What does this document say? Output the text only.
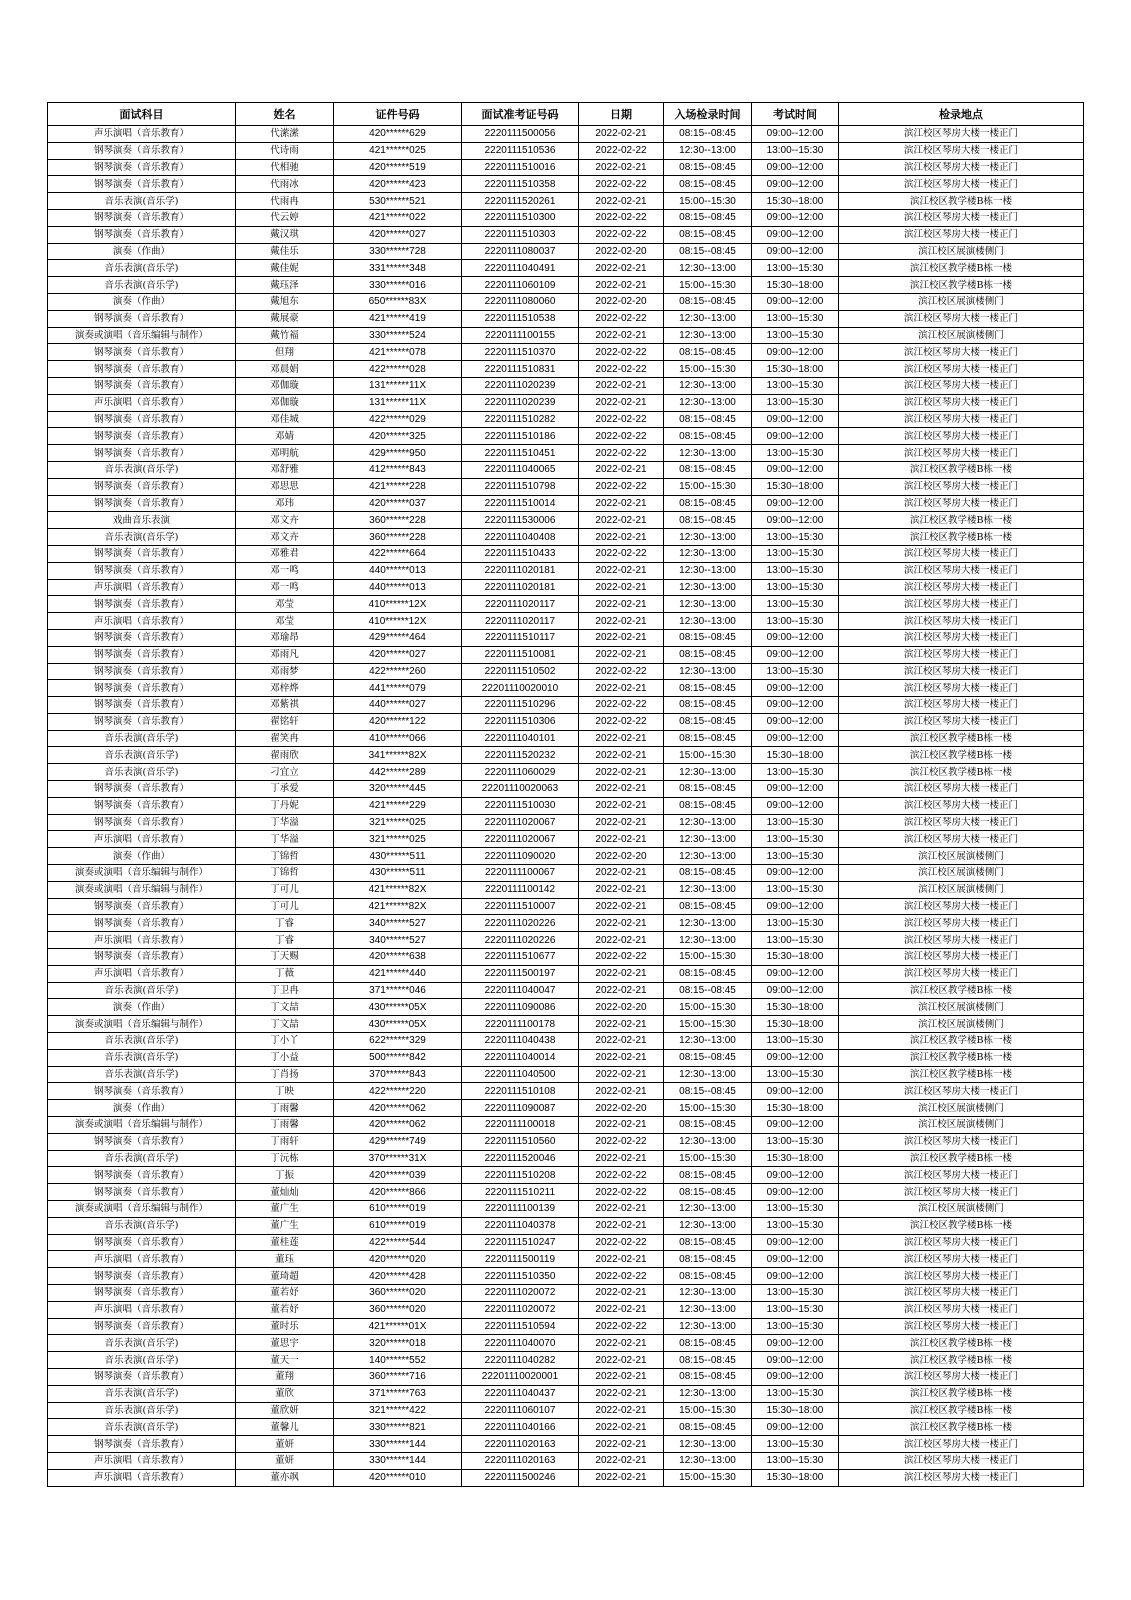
面试科目	姓名	证件号码	面试准考证号码	日期	入场检录时间	考试时间	检录地点
声乐演唱（音乐教育）	代潆潆	420******629	2220111500056	2022-02-21	08:15--08:45	09:00--12:00	滨江校区琴房大楼一楼正门
钢琴演奏（音乐教育）	代诗雨	421******025	2220111510536	2022-02-22	12:30--13:00	13:00--15:30	滨江校区琴房大楼一楼正门
钢琴演奏（音乐教育）	代相驰	420******519	2220111510016	2022-02-21	08:15--08:45	09:00--12:00	滨江校区琴房大楼一楼正门
钢琴演奏（音乐教育）	代雨冰	420******423	2220111510358	2022-02-22	08:15--08:45	09:00--12:00	滨江校区琴房大楼一楼正门
音乐表演(音乐学)	代雨冉	530******521	2220111520261	2022-02-21	15:00--15:30	15:30--18:00	滨江校区教学楼B栋一楼
钢琴演奏（音乐教育）	代云婷	421******022	2220111510300	2022-02-22	08:15--08:45	09:00--12:00	滨江校区琴房大楼一楼正门
钢琴演奏（音乐教育）	戴汉琪	420******027	2220111510303	2022-02-22	08:15--08:45	09:00--12:00	滨江校区琴房大楼一楼正门
演奏（作曲）	戴佳乐	330******728	2220111080037	2022-02-20	08:15--08:45	09:00--12:00	滨江校区展演楼侧门
音乐表演(音乐学)	戴佳妮	331******348	2220111040491	2022-02-21	12:30--13:00	13:00--15:30	滨江校区教学楼B栋一楼
音乐表演(音乐学)	戴珏泽	330******016	2220111060109	2022-02-21	15:00--15:30	15:30--18:00	滨江校区教学楼B栋一楼
演奏（作曲）	戴旭东	650******83X	2220111080060	2022-02-20	08:15--08:45	09:00--12:00	滨江校区展演楼侧门
钢琴演奏（音乐教育）	戴展豪	421******419	2220111510538	2022-02-22	12:30--13:00	13:00--15:30	滨江校区琴房大楼一楼正门
演奏或演唱（音乐编辑与制作）	戴竹福	330******524	2220111100155	2022-02-21	12:30--13:00	13:00--15:30	滨江校区展演楼侧门
钢琴演奏（音乐教育）	但翔	421******078	2220111510370	2022-02-22	08:15--08:45	09:00--12:00	滨江校区琴房大楼一楼正门
钢琴演奏（音乐教育）	邓晨娟	422******028	2220111510831	2022-02-22	15:00--15:30	15:30--18:00	滨江校区琴房大楼一楼正门
钢琴演奏（音乐教育）	邓伽璇	131******11X	2220111020239	2022-02-21	12:30--13:00	13:00--15:30	滨江校区琴房大楼一楼正门
声乐演唱（音乐教育）	邓伽璇	131******11X	2220111020239	2022-02-21	12:30--13:00	13:00--15:30	滨江校区琴房大楼一楼正门
钢琴演奏（音乐教育）	邓佳城	422******029	2220111510282	2022-02-22	08:15--08:45	09:00--12:00	滨江校区琴房大楼一楼正门
钢琴演奏（音乐教育）	邓婧	420******325	2220111510186	2022-02-22	08:15--08:45	09:00--12:00	滨江校区琴房大楼一楼正门
钢琴演奏（音乐教育）	邓明航	429******950	2220111510451	2022-02-22	12:30--13:00	13:00--15:30	滨江校区琴房大楼一楼正门
音乐表演(音乐学)	邓舒雅	412******843	2220111040065	2022-02-21	08:15--08:45	09:00--12:00	滨江校区教学楼B栋一楼
钢琴演奏（音乐教育）	邓思思	421******228	2220111510798	2022-02-22	15:00--15:30	15:30--18:00	滨江校区琴房大楼一楼正门
钢琴演奏（音乐教育）	邓玮	420******037	2220111510014	2022-02-21	08:15--08:45	09:00--12:00	滨江校区琴房大楼一楼正门
戏曲音乐表演	邓文卉	360******228	2220111530006	2022-02-21	08:15--08:45	09:00--12:00	滨江校区教学楼B栋一楼
音乐表演(音乐学)	邓文卉	360******228	2220111040408	2022-02-21	12:30--13:00	13:00--15:30	滨江校区教学楼B栋一楼
钢琴演奏（音乐教育）	邓雅君	422******664	2220111510433	2022-02-22	12:30--13:00	13:00--15:30	滨江校区琴房大楼一楼正门
钢琴演奏（音乐教育）	邓一鸣	440******013	2220111020181	2022-02-21	12:30--13:00	13:00--15:30	滨江校区琴房大楼一楼正门
声乐演唱（音乐教育）	邓一鸣	440******013	2220111020181	2022-02-21	12:30--13:00	13:00--15:30	滨江校区琴房大楼一楼正门
钢琴演奏（音乐教育）	邓莹	410******12X	2220111020117	2022-02-21	12:30--13:00	13:00--15:30	滨江校区琴房大楼一楼正门
声乐演唱（音乐教育）	邓莹	410******12X	2220111020117	2022-02-21	12:30--13:00	13:00--15:30	滨江校区琴房大楼一楼正门
钢琴演奏（音乐教育）	邓瑜昂	429******464	2220111510117	2022-02-21	08:15--08:45	09:00--12:00	滨江校区琴房大楼一楼正门
钢琴演奏（音乐教育）	邓雨凡	420******027	2220111510081	2022-02-21	08:15--08:45	09:00--12:00	滨江校区琴房大楼一楼正门
钢琴演奏（音乐教育）	邓雨梦	422******260	2220111510502	2022-02-22	12:30--13:00	13:00--15:30	滨江校区琴房大楼一楼正门
钢琴演奏（音乐教育）	邓梓烨	441******079	22201110020010	2022-02-21	08:15--08:45	09:00--12:00	滨江校区琴房大楼一楼正门
钢琴演奏（音乐教育）	邓紫祺	440******027	2220111510296	2022-02-22	08:15--08:45	09:00--12:00	滨江校区琴房大楼一楼正门
钢琴演奏（音乐教育）	翟铭轩	420******122	2220111510306	2022-02-22	08:15--08:45	09:00--12:00	滨江校区琴房大楼一楼正门
音乐表演(音乐学)	翟笑冉	410******066	2220111040101	2022-02-21	08:15--08:45	09:00--12:00	滨江校区教学楼B栋一楼
音乐表演(音乐学)	翟雨欣	341******82X	2220111520232	2022-02-21	15:00--15:30	15:30--18:00	滨江校区教学楼B栋一楼
音乐表演(音乐学)	刁宜立	442******289	2220111060029	2022-02-21	12:30--13:00	13:00--15:30	滨江校区教学楼B栋一楼
钢琴演奏（音乐教育）	丁承爱	320******445	22201110020063	2022-02-21	08:15--08:45	09:00--12:00	滨江校区琴房大楼一楼正门
钢琴演奏（音乐教育）	丁丹妮	421******229	2220111510030	2022-02-21	08:15--08:45	09:00--12:00	滨江校区琴房大楼一楼正门
钢琴演奏（音乐教育）	丁华溢	321******025	2220111020067	2022-02-21	12:30--13:00	13:00--15:30	滨江校区琴房大楼一楼正门
声乐演唱（音乐教育）	丁华溢	321******025	2220111020067	2022-02-21	12:30--13:00	13:00--15:30	滨江校区琴房大楼一楼正门
演奏（作曲）	丁锦哲	430******511	2220111090020	2022-02-20	12:30--13:00	13:00--15:30	滨江校区展演楼侧门
演奏或演唱（音乐编辑与制作）	丁锦哲	430******511	2220111100067	2022-02-21	08:15--08:45	09:00--12:00	滨江校区展演楼侧门
演奏或演唱（音乐编辑与制作）	丁可儿	421******82X	2220111100142	2022-02-21	12:30--13:00	13:00--15:30	滨江校区展演楼侧门
钢琴演奏（音乐教育）	丁可儿	421******82X	2220111510007	2022-02-21	08:15--08:45	09:00--12:00	滨江校区琴房大楼一楼正门
钢琴演奏（音乐教育）	丁睿	340******527	2220111020226	2022-02-21	12:30--13:00	13:00--15:30	滨江校区琴房大楼一楼正门
声乐演唱（音乐教育）	丁睿	340******527	2220111020226	2022-02-21	12:30--13:00	13:00--15:30	滨江校区琴房大楼一楼正门
钢琴演奏（音乐教育）	丁天赐	420******638	2220111510677	2022-02-22	15:00--15:30	15:30--18:00	滨江校区琴房大楼一楼正门
声乐演唱（音乐教育）	丁薇	421******440	2220111500197	2022-02-21	08:15--08:45	09:00--12:00	滨江校区琴房大楼一楼正门
音乐表演(音乐学)	丁卫冉	371******046	2220111040047	2022-02-21	08:15--08:45	09:00--12:00	滨江校区教学楼B栋一楼
演奏（作曲）	丁文喆	430******05X	2220111090086	2022-02-20	15:00--15:30	15:30--18:00	滨江校区展演楼侧门
演奏或演唱（音乐编辑与制作）	丁文喆	430******05X	2220111100178	2022-02-21	15:00--15:30	15:30--18:00	滨江校区展演楼侧门
音乐表演(音乐学)	丁小丫	622******329	2220111040438	2022-02-21	12:30--13:00	13:00--15:30	滨江校区教学楼B栋一楼
音乐表演(音乐学)	丁小益	500******842	2220111040014	2022-02-21	08:15--08:45	09:00--12:00	滨江校区教学楼B栋一楼
音乐表演(音乐学)	丁肖扬	370******843	2220111040500	2022-02-21	12:30--13:00	13:00--15:30	滨江校区教学楼B栋一楼
钢琴演奏（音乐教育）	丁映	422******220	2220111510108	2022-02-21	08:15--08:45	09:00--12:00	滨江校区琴房大楼一楼正门
演奏（作曲）	丁雨馨	420******062	2220111090087	2022-02-20	15:00--15:30	15:30--18:00	滨江校区展演楼侧门
演奏或演唱（音乐编辑与制作）	丁雨馨	420******062	2220111100018	2022-02-21	08:15--08:45	09:00--12:00	滨江校区展演楼侧门
钢琴演奏（音乐教育）	丁雨轩	429******749	2220111510560	2022-02-22	12:30--13:00	13:00--15:30	滨江校区琴房大楼一楼正门
音乐表演(音乐学)	丁沅栋	370******31X	2220111520046	2022-02-21	15:00--15:30	15:30--18:00	滨江校区教学楼B栋一楼
钢琴演奏（音乐教育）	丁振	420******039	2220111510208	2022-02-22	08:15--08:45	09:00--12:00	滨江校区琴房大楼一楼正门
钢琴演奏（音乐教育）	董灿灿	420******866	2220111510211	2022-02-22	08:15--08:45	09:00--12:00	滨江校区琴房大楼一楼正门
演奏或演唱（音乐编辑与制作）	董广生	610******019	2220111100139	2022-02-21	12:30--13:00	13:00--15:30	滨江校区展演楼侧门
音乐表演(音乐学)	董广生	610******019	2220111040378	2022-02-21	12:30--13:00	13:00--15:30	滨江校区教学楼B栋一楼
钢琴演奏（音乐教育）	董桂莲	422******544	2220111510247	2022-02-22	08:15--08:45	09:00--12:00	滨江校区琴房大楼一楼正门
声乐演唱（音乐教育）	董珏	420******020	2220111500119	2022-02-21	08:15--08:45	09:00--12:00	滨江校区琴房大楼一楼正门
钢琴演奏（音乐教育）	董琦超	420******428	2220111510350	2022-02-22	08:15--08:45	09:00--12:00	滨江校区琴房大楼一楼正门
钢琴演奏（音乐教育）	董若妤	360******020	2220111020072	2022-02-21	12:30--13:00	13:00--15:30	滨江校区琴房大楼一楼正门
声乐演唱（音乐教育）	董若妤	360******020	2220111020072	2022-02-21	12:30--13:00	13:00--15:30	滨江校区琴房大楼一楼正门
钢琴演奏（音乐教育）	董时乐	421******01X	2220111510594	2022-02-22	12:30--13:00	13:00--15:30	滨江校区琴房大楼一楼正门
音乐表演(音乐学)	董思宇	320******018	2220111040070	2022-02-21	08:15--08:45	09:00--12:00	滨江校区教学楼B栋一楼
音乐表演(音乐学)	董天一	140******552	2220111040282	2022-02-21	08:15--08:45	09:00--12:00	滨江校区教学楼B栋一楼
钢琴演奏（音乐教育）	董翔	360******716	22201110020001	2022-02-21	08:15--08:45	09:00--12:00	滨江校区琴房大楼一楼正门
音乐表演(音乐学)	董欣	371******763	2220111040437	2022-02-21	12:30--13:00	13:00--15:30	滨江校区教学楼B栋一楼
音乐表演(音乐学)	董欣妍	321******422	2220111060107	2022-02-21	15:00--15:30	15:30--18:00	滨江校区教学楼B栋一楼
音乐表演(音乐学)	董馨儿	330******821	2220111040166	2022-02-21	08:15--08:45	09:00--12:00	滨江校区教学楼B栋一楼
钢琴演奏（音乐教育）	董妍	330******144	2220111020163	2022-02-21	12:30--13:00	13:00--15:30	滨江校区琴房大楼一楼正门
声乐演唱（音乐教育）	董妍	330******144	2220111020163	2022-02-21	12:30--13:00	13:00--15:30	滨江校区琴房大楼一楼正门
声乐演唱（音乐教育）	董亦飒	420******010	2220111500246	2022-02-21	15:00--15:30	15:30--18:00	滨江校区琴房大楼一楼正门
